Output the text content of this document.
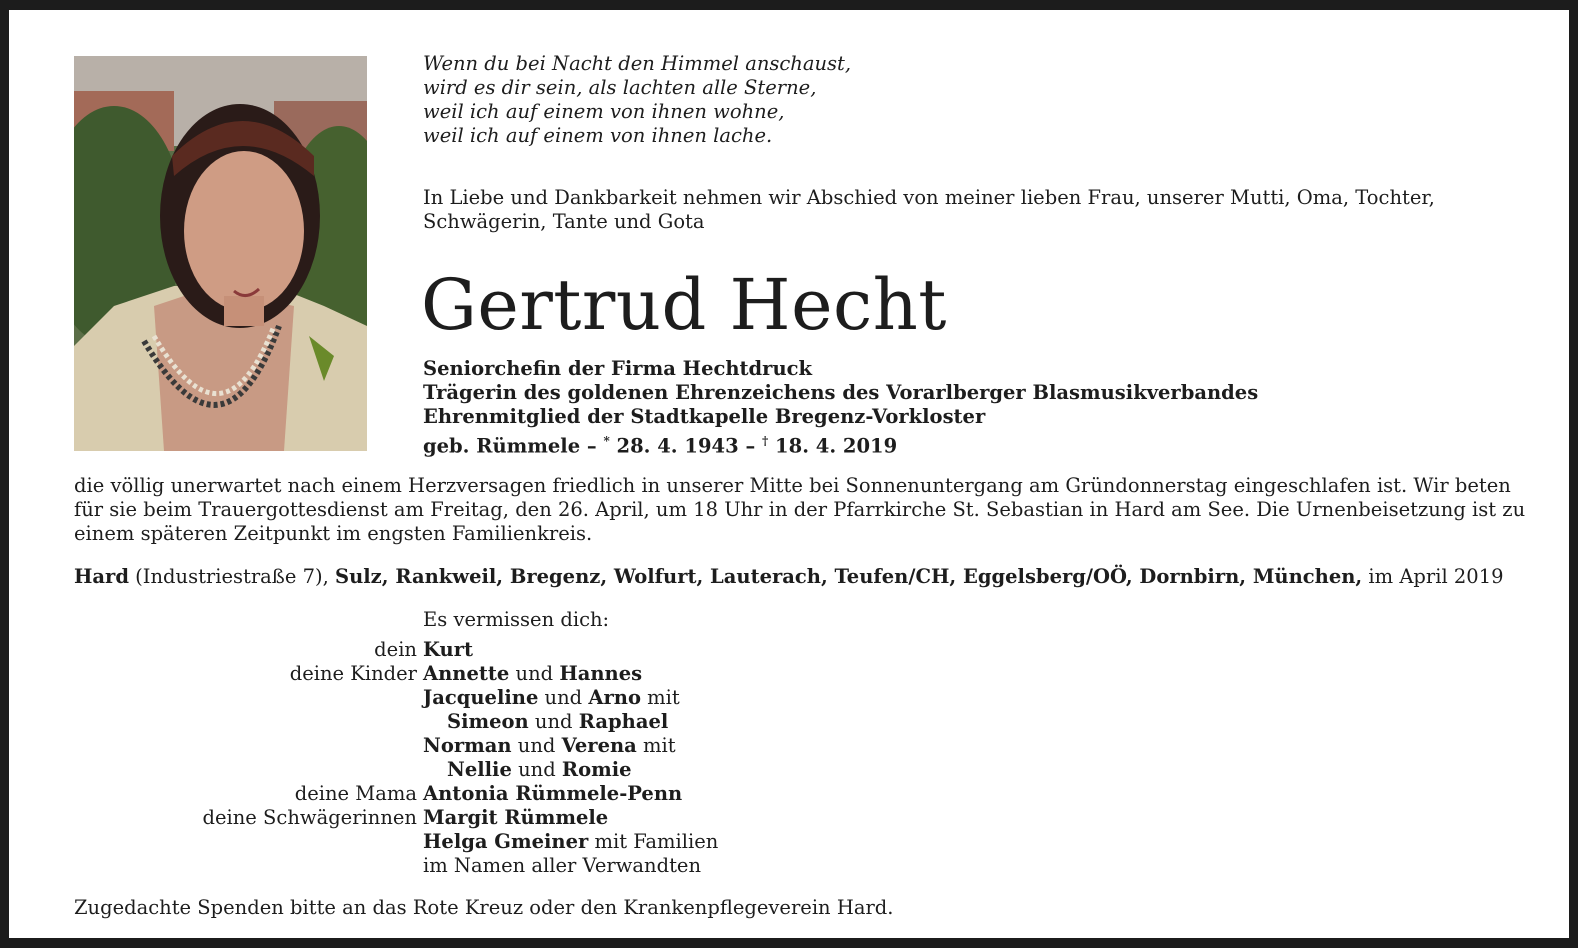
Wenn du bei Nacht den Himmel anschaust,
wird es dir sein, als lachten alle Sterne,
weil ich auf einem von ihnen wohne,
weil ich auf einem von ihnen lache.
In Liebe und Dankbarkeit nehmen wir Abschied von meiner lieben Frau, unserer Mutti, Oma, Tochter, Schwägerin, Tante und Gota
Gertrud Hecht
Seniorchefin der Firma Hechtdruck
Trägerin des goldenen Ehrenzeichens des Vorarlberger Blasmusikverbandes
Ehrenmitglied der Stadtkapelle Bregenz-Vorkloster
geb. Rümmele – * 28. 4. 1943 – † 18. 4. 2019
die völlig unerwartet nach einem Herzversagen friedlich in unserer Mitte bei Sonnenuntergang am Gründonnerstag eingeschlafen ist. Wir beten für sie beim Trauergottesdienst am Freitag, den 26. April, um 18 Uhr in der Pfarrkirche St. Sebastian in Hard am See. Die Urnenbeisetzung ist zu einem späteren Zeitpunkt im engsten Familienkreis.
Hard (Industriestraße 7), Sulz, Rankweil, Bregenz, Wolfurt, Lauterach, Teufen/CH, Eggelsberg/OÖ, Dornbirn, München, im April 2019
Es vermissen dich:
dein Kurt
deine Kinder Annette und Hannes
Jacqueline und Arno mit
Simeon und Raphael
Norman und Verena mit
Nellie und Romie
deine Mama Antonia Rümmele-Penn
deine Schwägerinnen Margit Rümmele
Helga Gmeiner mit Familien
im Namen aller Verwandten
Zugedachte Spenden bitte an das Rote Kreuz oder den Krankenpflegeverein Hard.
